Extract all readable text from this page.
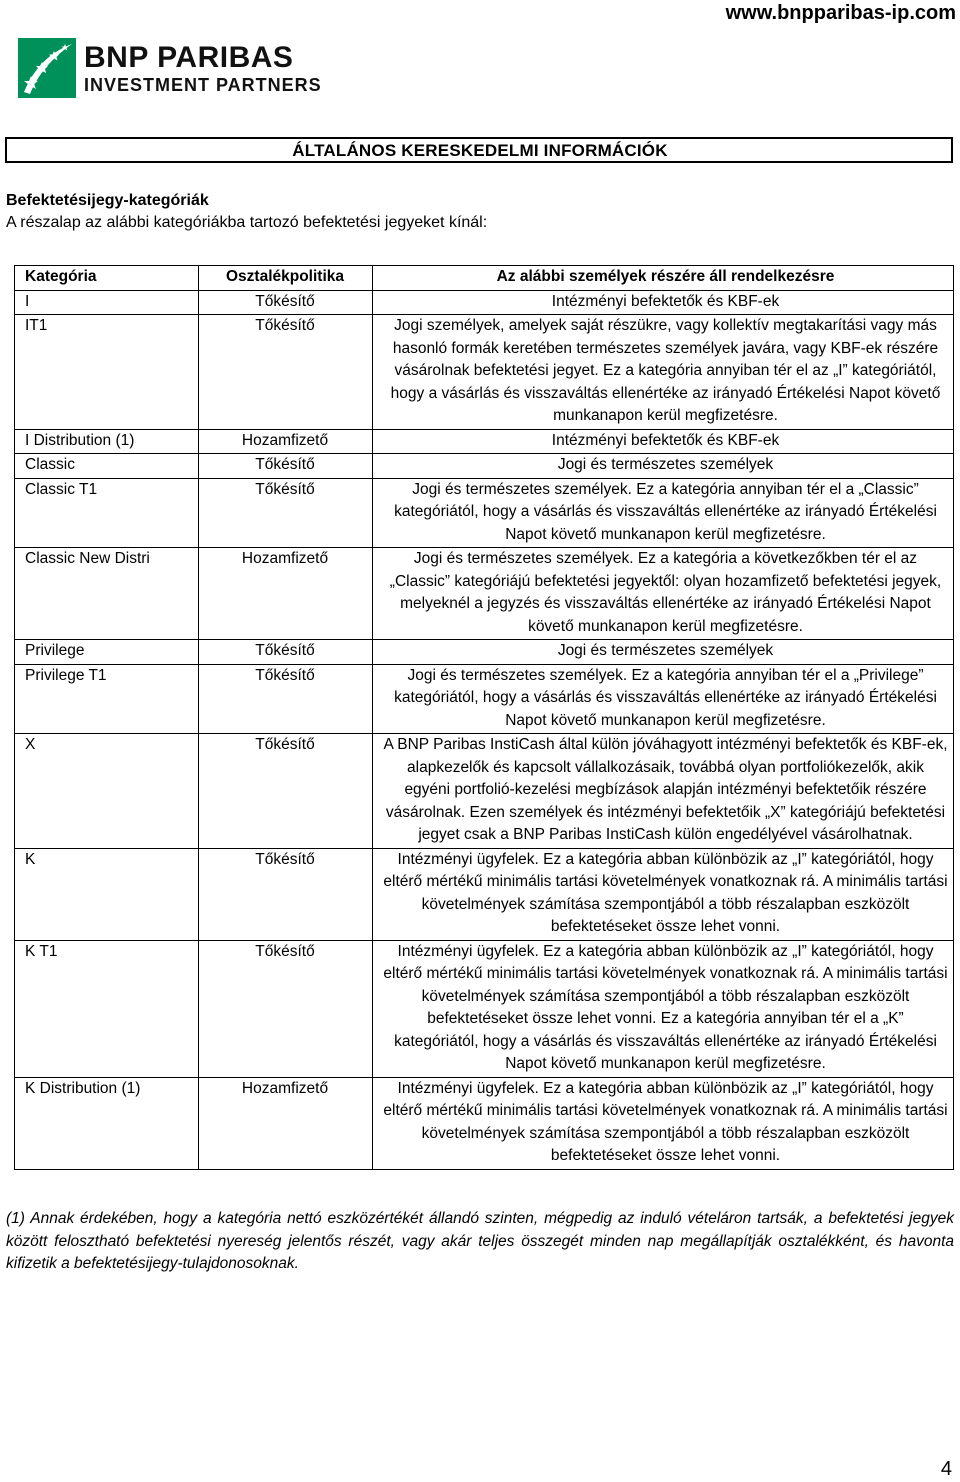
www.bnpparibas-ip.com
BNP PARIBAS
INVESTMENT PARTNERS
ÁLTALÁNOS KERESKEDELMI INFORMÁCIÓK
Befektetésijegy-kategóriák
A részalap az alábbi kategóriákba tartozó befektetési jegyeket kínál:
Kategória	Osztalékpolitika	Az alábbi személyek részére áll rendelkezésre
I	Tőkésítő	Intézményi befektetők és KBF-ek
IT1	Tőkésítő	Jogi személyek, amelyek saját részükre, vagy kollektív megtakarítási vagy más hasonló formák keretében természetes személyek javára, vagy KBF-ek részére vásárolnak befektetési jegyet. Ez a kategória annyiban tér el az „I” kategóriától, hogy a vásárlás és visszaváltás ellenértéke az irányadó Értékelési Napot követő munkanapon kerül megfizetésre.
I Distribution (1)	Hozamfizető	Intézményi befektetők és KBF-ek
Classic	Tőkésítő	Jogi és természetes személyek
Classic T1	Tőkésítő	Jogi és természetes személyek. Ez a kategória annyiban tér el a „Classic” kategóriától, hogy a vásárlás és visszaváltás ellenértéke az irányadó Értékelési Napot követő munkanapon kerül megfizetésre.
Classic New Distri	Hozamfizető	Jogi és természetes személyek. Ez a kategória a következőkben tér el az „Classic” kategóriájú befektetési jegyektől: olyan hozamfizető befektetési jegyek, melyeknél a jegyzés és visszaváltás ellenértéke az irányadó Értékelési Napot követő munkanapon kerül megfizetésre.
Privilege	Tőkésítő	Jogi és természetes személyek
Privilege T1	Tőkésítő	Jogi és természetes személyek. Ez a kategória annyiban tér el a „Privilege” kategóriától, hogy a vásárlás és visszaváltás ellenértéke az irányadó Értékelési Napot követő munkanapon kerül megfizetésre.
X	Tőkésítő	A BNP Paribas InstiCash által külön jóváhagyott intézményi befektetők és KBF-ek, alapkezelők és kapcsolt vállalkozásaik, továbbá olyan portfoliókezelők, akik egyéni portfolió-kezelési megbízások alapján intézményi befektetőik részére vásárolnak. Ezen személyek és intézményi befektetőik „X” kategóriájú befektetési jegyet csak a BNP Paribas InstiCash külön engedélyével vásárolhatnak.
K	Tőkésítő	Intézményi ügyfelek. Ez a kategória abban különbözik az „I” kategóriától, hogy eltérő mértékű minimális tartási követelmények vonatkoznak rá. A minimális tartási követelmények számítása szempontjából a több részalapban eszközölt befektetéseket össze lehet vonni.
K T1	Tőkésítő	Intézményi ügyfelek. Ez a kategória abban különbözik az „I” kategóriától, hogy eltérő mértékű minimális tartási követelmények vonatkoznak rá. A minimális tartási követelmények számítása szempontjából a több részalapban eszközölt befektetéseket össze lehet vonni. Ez a kategória annyiban tér el a „K” kategóriától, hogy a vásárlás és visszaváltás ellenértéke az irányadó Értékelési Napot követő munkanapon kerül megfizetésre.
K Distribution (1)	Hozamfizető	Intézményi ügyfelek. Ez a kategória abban különbözik az „I” kategóriától, hogy eltérő mértékű minimális tartási követelmények vonatkoznak rá. A minimális tartási követelmények számítása szempontjából a több részalapban eszközölt befektetéseket össze lehet vonni.
(1) Annak érdekében, hogy a kategória nettó eszközértékét állandó szinten, mégpedig az induló vételáron tartsák, a befektetési jegyek között felosztható befektetési nyereség jelentős részét, vagy akár teljes összegét minden nap megállapítják osztalékként, és havonta kifizetik a befektetésijegy-tulajdonosoknak.
4
